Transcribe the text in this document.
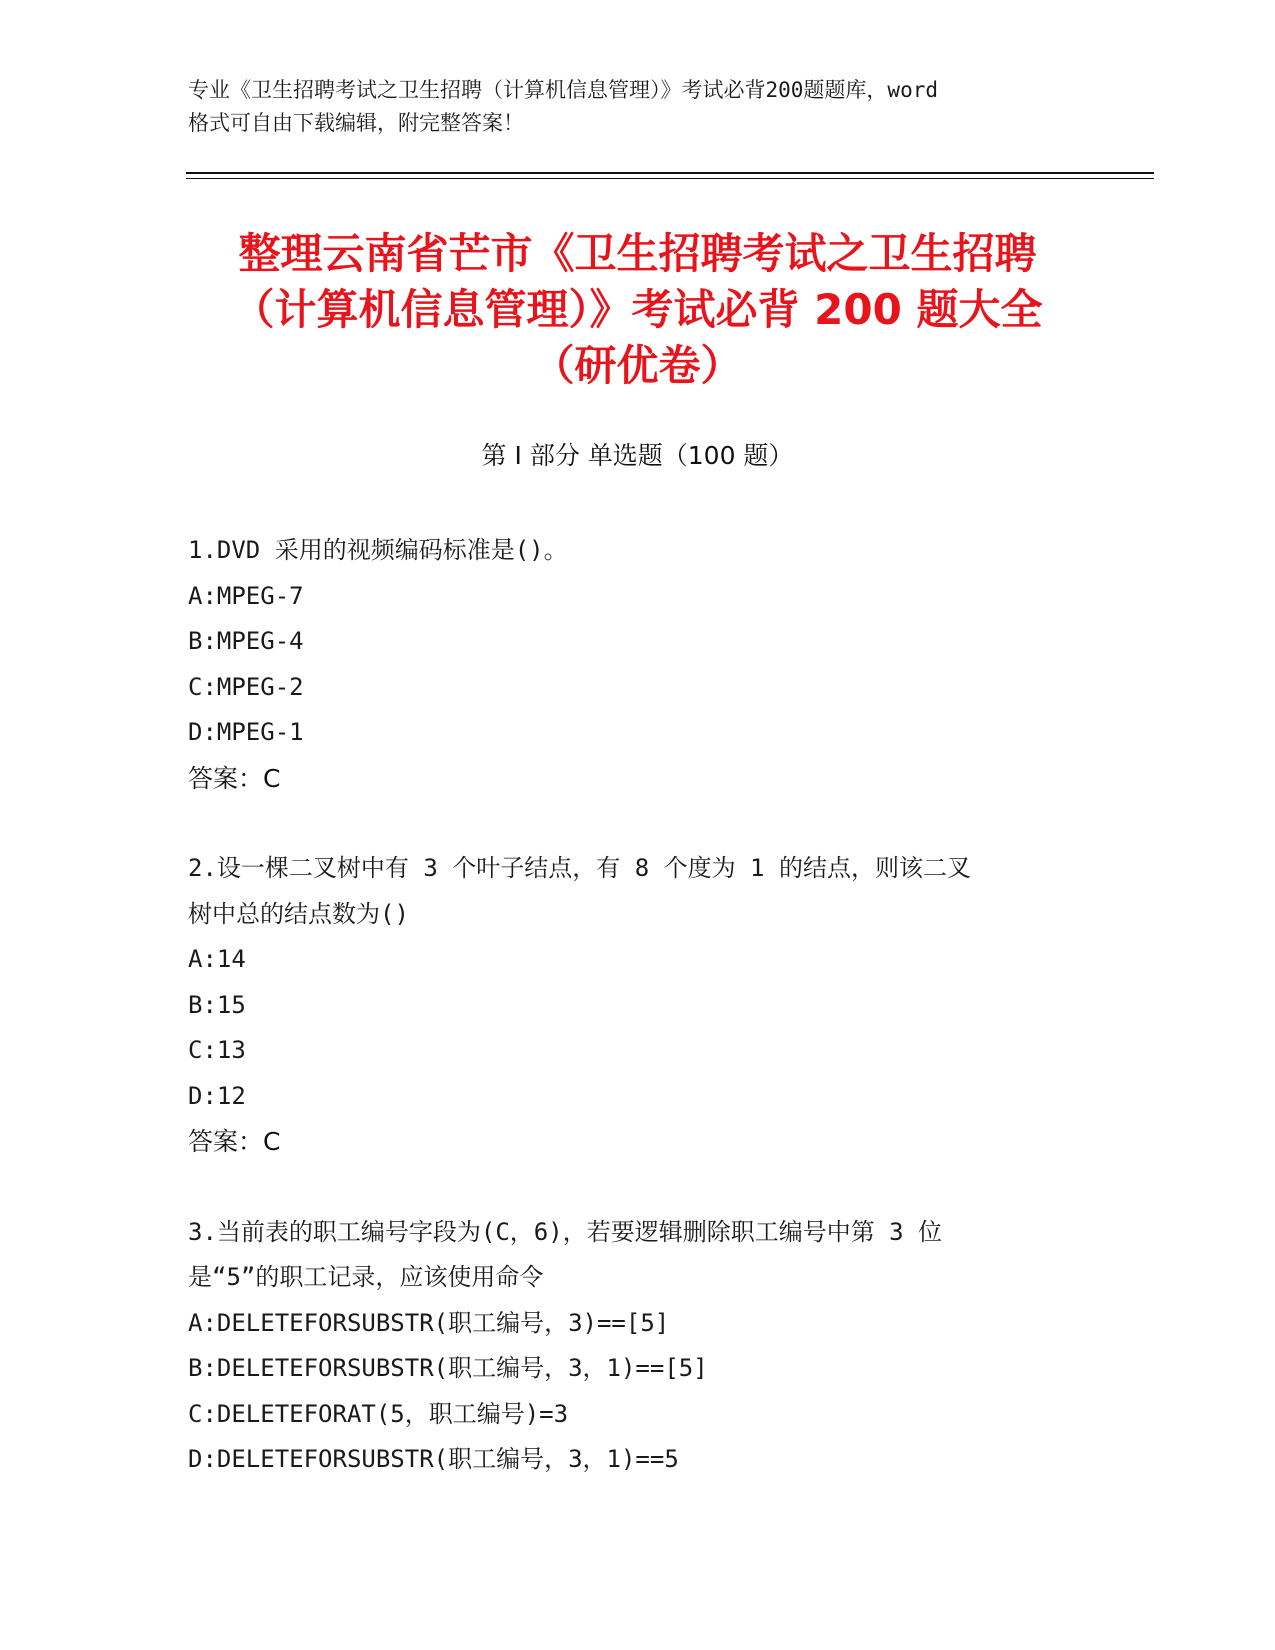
专业《卫生招聘考试之卫生招聘（计算机信息管理）》考试必背200题题库，word
格式可自由下载编辑，附完整答案！
整理云南省芒市《卫生招聘考试之卫生招聘
（计算机信息管理）》考试必背 200 题大全
（研优卷）
第 I 部分 单选题（100 题）
1.DVD 采用的视频编码标准是()。
A:MPEG-7
B:MPEG-4
C:MPEG-2
D:MPEG-1
答案：C
2.设一棵二叉树中有 3 个叶子结点，有 8 个度为 1 的结点，则该二叉
树中总的结点数为()
A:14
B:15
C:13
D:12
答案：C
3.当前表的职工编号字段为(C，6)，若要逻辑删除职工编号中第 3 位
是“5”的职工记录，应该使用命令
A:DELETEFORSUBSTR(职工编号，3)==[5]
B:DELETEFORSUBSTR(职工编号，3，1)==[5]
C:DELETEFORAT(5，职工编号)=3
D:DELETEFORSUBSTR(职工编号，3，1)==5
